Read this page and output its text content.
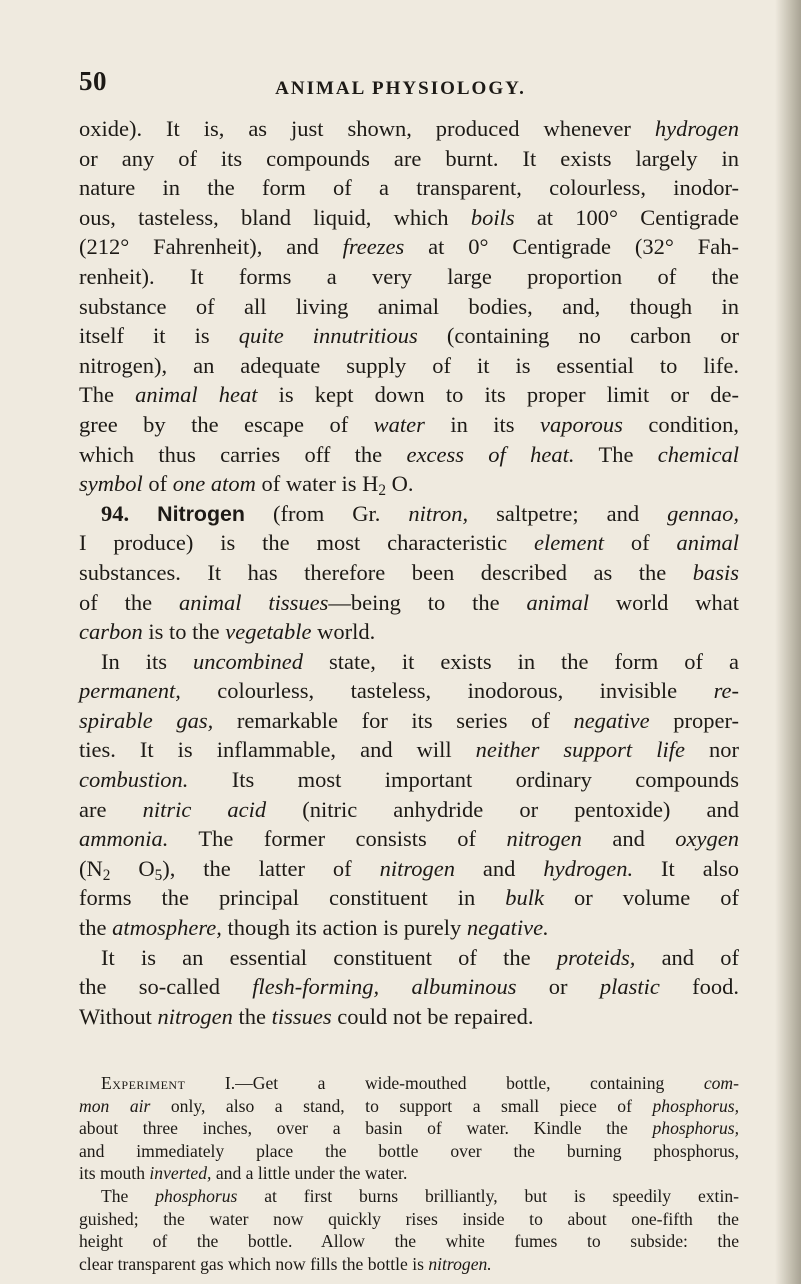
50	ANIMAL PHYSIOLOGY.
oxide). It is, as just shown, produced whenever hydrogen
or any of its compounds are burnt. It exists largely in
nature in the form of a transparent, colourless, inodor-
ous, tasteless, bland liquid, which boils at 100° Centigrade
(212° Fahrenheit), and freezes at 0° Centigrade (32° Fah-
renheit). It forms a very large proportion of the
substance of all living animal bodies, and, though in
itself it is quite innutritious (containing no carbon or
nitrogen), an adequate supply of it is essential to life.
The animal heat is kept down to its proper limit or de-
gree by the escape of water in its vaporous condition,
which thus carries off the excess of heat. The chemical
symbol of one atom of water is $H_2$ O.
94. Nitrogen (from Gr. nitron, saltpetre; and gennao,
I produce) is the most characteristic element of animal
substances. It has therefore been described as the basis
of the animal tissues—being to the animal world what
carbon is to the vegetable world.
In its uncombined state, it exists in the form of a
permanent, colourless, tasteless, inodorous, invisible re-
spirable gas, remarkable for its series of negative proper-
ties. It is inflammable, and will neither support life nor
combustion. Its most important ordinary compounds
are nitric acid (nitric anhydride or pentoxide) and
ammonia. The former consists of nitrogen and oxygen
($N_2$ $O_5$), the latter of nitrogen and hydrogen. It also
forms the principal constituent in bulk or volume of
the atmosphere, though its action is purely negative.
It is an essential constituent of the proteids, and of
the so-called flesh-forming, albuminous or plastic food.
Without nitrogen the tissues could not be repaired.
Experiment I.—Get a wide-mouthed bottle, containing com-
mon air only, also a stand, to support a small piece of phosphorus,
about three inches, over a basin of water. Kindle the phosphorus,
and immediately place the bottle over the burning phosphorus,
its mouth inverted, and a little under the water.
The phosphorus at first burns brilliantly, but is speedily extin-
guished; the water now quickly rises inside to about one-fifth the
height of the bottle. Allow the white fumes to subside: the
clear transparent gas which now fills the bottle is nitrogen.
